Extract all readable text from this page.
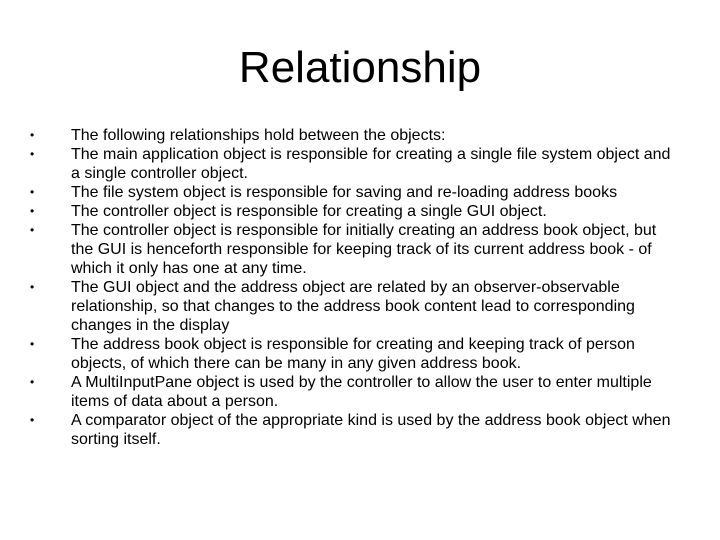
Relationship
•	The following relationships hold between the objects:
•	The main application object is responsible for creating a single file system object and a single controller object.
•	The file system object is responsible for saving and re-loading address books
•	The controller object is responsible for creating a single GUI object.
•	The controller object is responsible for initially creating an address book object, but the GUI is henceforth responsible for keeping track of its current address book - of which it only has one at any time.
•	The GUI object and the address object are related by an observer-observable relationship, so that changes to the address book content lead to corresponding changes in the display
•	The address book object is responsible for creating and keeping track of person objects, of which there can be many in any given address book.
•	A MultiInputPane object is used by the controller to allow the user to enter multiple items of data about a person.
•	A comparator object of the appropriate kind is used by the address book object when sorting itself.
